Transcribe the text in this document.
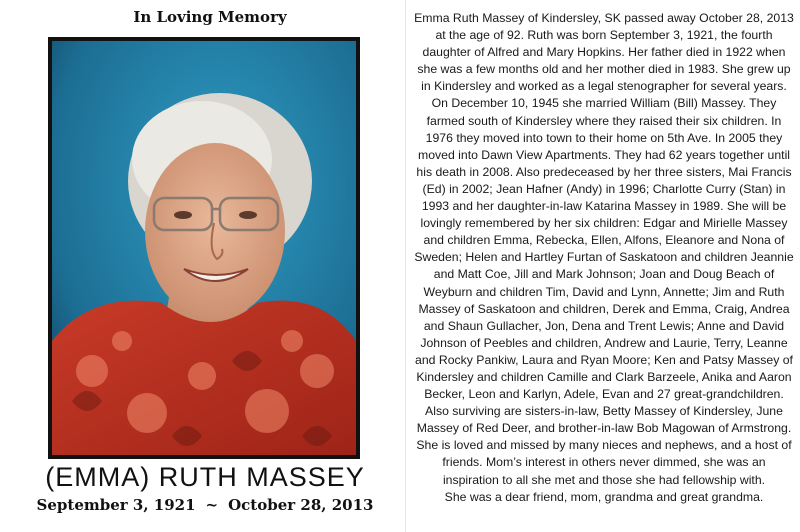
In Loving Memory
(EMMA) RUTH MASSEY
September 3, 1921 ~ October 28, 2013

Emma Ruth Massey of Kindersley, SK passed away October 28, 2013 at the age of 92. Ruth was born September 3, 1921, the fourth daughter of Alfred and Mary Hopkins. Her father died in 1922 when she was a few months old and her mother died in 1983. She grew up in Kindersley and worked as a legal stenographer for several years. On December 10, 1945 she married William (Bill) Massey. They farmed south of Kindersley where they raised their six children. In 1976 they moved into town to their home on 5th Ave. In 2005 they moved into Dawn View Apartments. They had 62 years together until his death in 2008. Also predeceased by her three sisters, Mai Francis (Ed) in 2002; Jean Hafner (Andy) in 1996; Charlotte Curry (Stan) in 1993 and her daughter-in-law Katarina Massey in 1989. She will be lovingly remembered by her six children: Edgar and Mirielle Massey and children Emma, Rebecka, Ellen, Alfons, Eleanore and Nona of Sweden; Helen and Hartley Furtan of Saskatoon and children Jeannie and Matt Coe, Jill and Mark Johnson; Joan and Doug Beach of Weyburn and children Tim, David and Lynn, Annette; Jim and Ruth Massey of Saskatoon and children, Derek and Emma, Craig, Andrea and Shaun Gullacher, Jon, Dena and Trent Lewis; Anne and David Johnson of Peebles and children, Andrew and Laurie, Terry, Leanne and Rocky Pankiw, Laura and Ryan Moore; Ken and Patsy Massey of Kindersley and children Camille and Clark Barzeele, Anika and Aaron Becker, Leon and Karlyn, Adele, Evan and 27 great-grandchildren. Also surviving are sisters-in-law, Betty Massey of Kindersley, June Massey of Red Deer, and brother-in-law Bob Magowan of Armstrong.

She is loved and missed by many nieces and nephews, and a host of friends. Mom’s interest in others never dimmed, she was an inspiration to all she met and those she had fellowship with.

She was a dear friend, mom, grandma and great grandma.
